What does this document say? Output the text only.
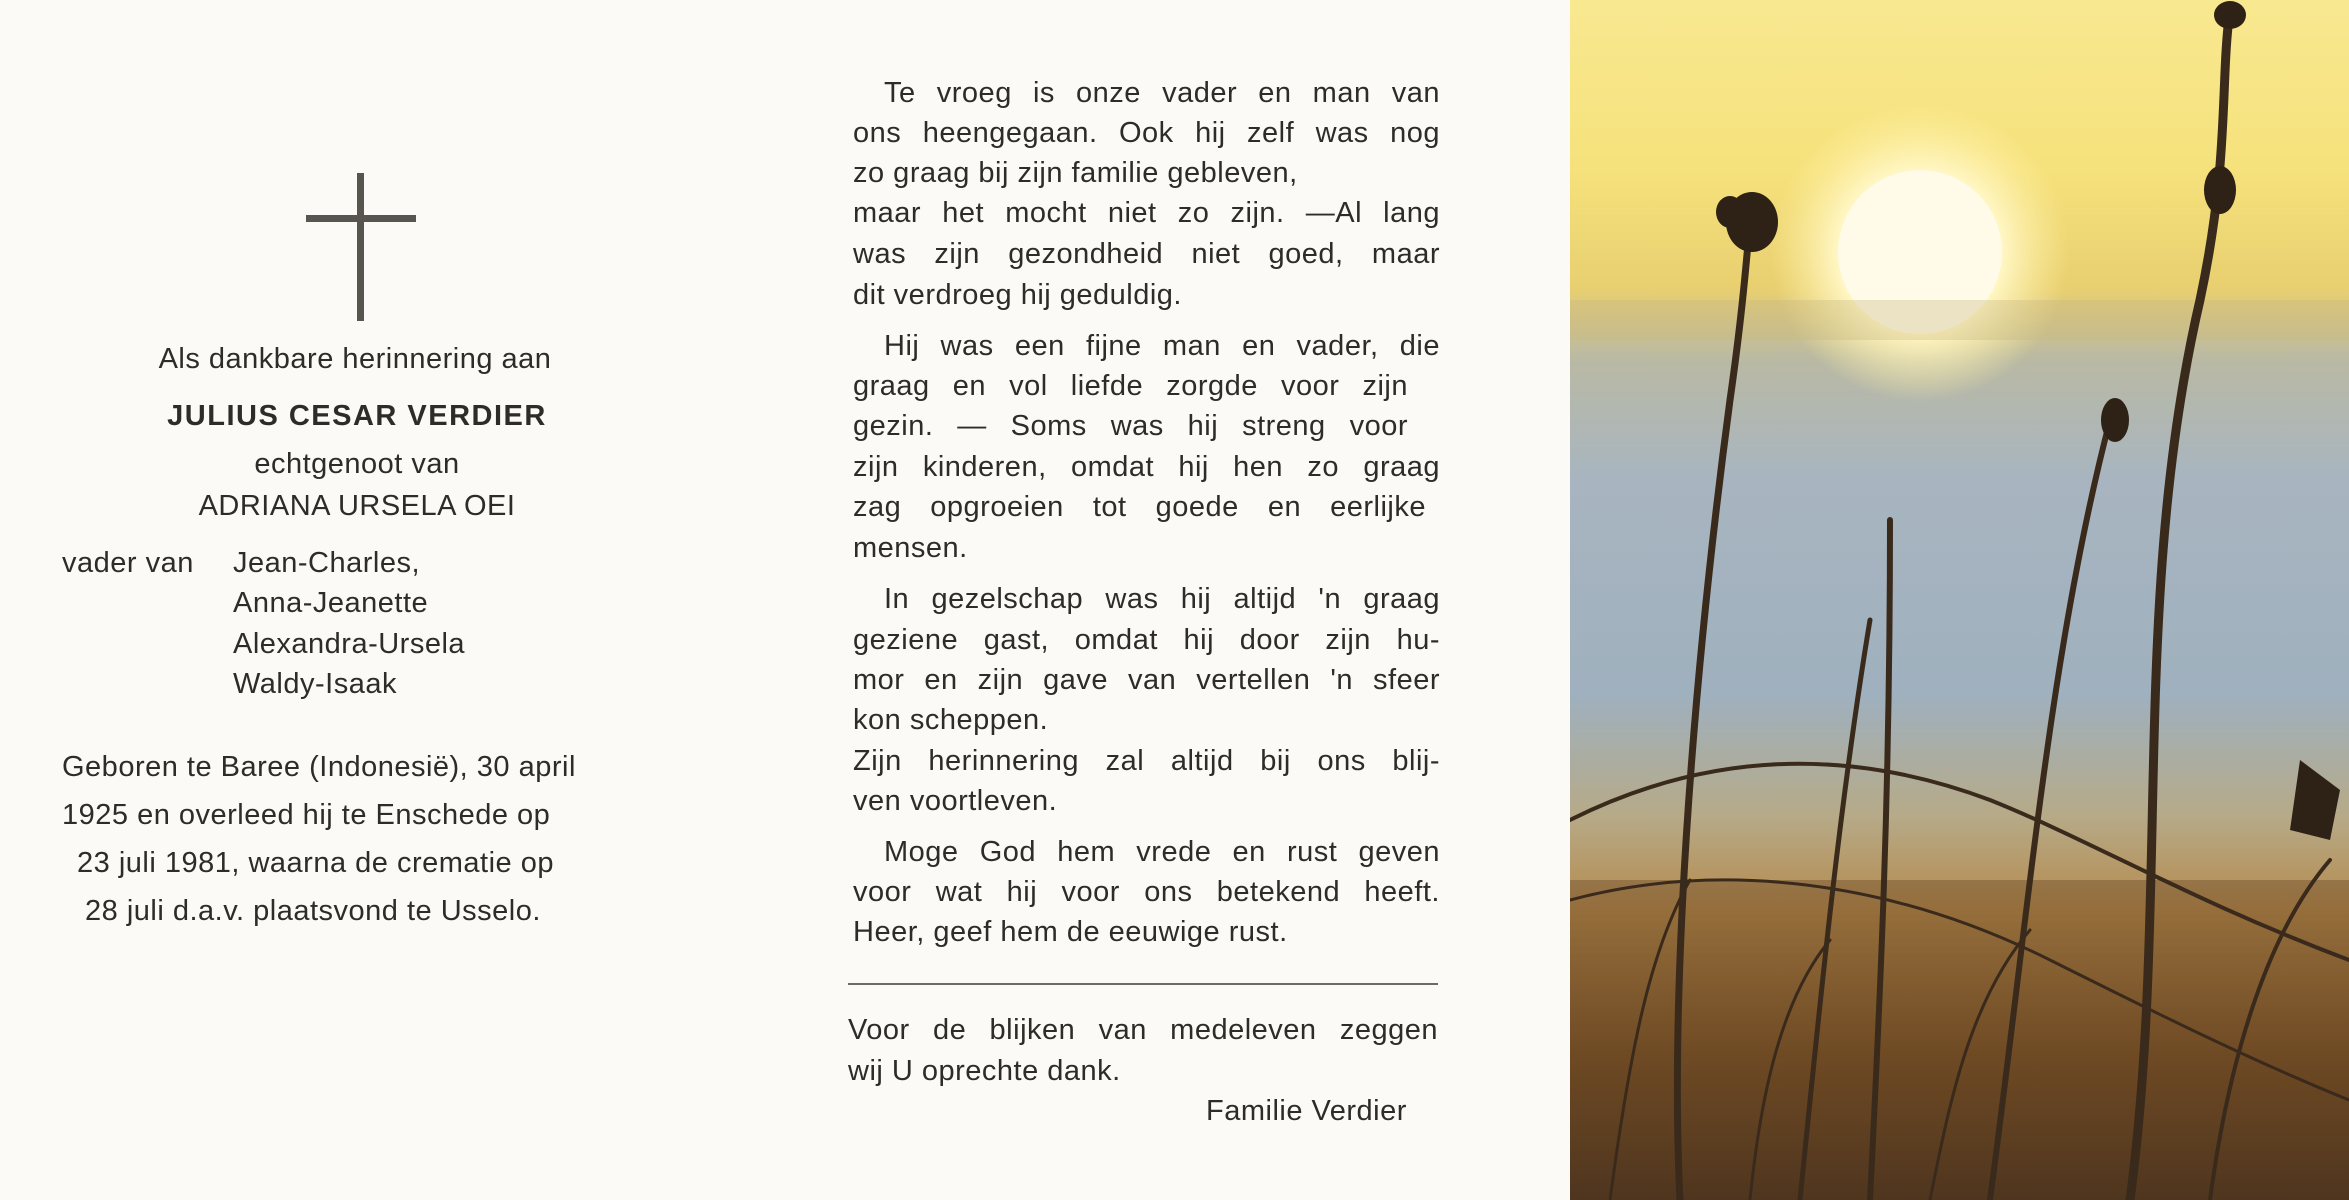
Als dankbare herinnering aan
JULIUS CESAR VERDIER
echtgenoot van
ADRIANA URSELA OEI
vader van Jean-Charles,
Anna-Jeanette
Alexandra-Ursela
Waldy-Isaak
Geboren te Baree (Indonesië), 30 april
1925 en overleed hij te Enschede op
23 juli 1981, waarna de crematie op
28 juli d.a.v. plaatsvond te Usselo.
Te vroeg is onze vader en man van
ons heengegaan. Ook hij zelf was nog
zo graag bij zijn familie gebleven,
maar het mocht niet zo zijn. —Al lang
was zijn gezondheid niet goed, maar
dit verdroeg hij geduldig.
Hij was een fijne man en vader, die
graag en vol liefde zorgde voor zijn
gezin. — Soms was hij streng voor
zijn kinderen, omdat hij hen zo graag
zag opgroeien tot goede en eerlijke
mensen.
In gezelschap was hij altijd 'n graag
geziene gast, omdat hij door zijn hu-
mor en zijn gave van vertellen 'n sfeer
kon scheppen.
Zijn herinnering zal altijd bij ons blij-
ven voortleven.
Moge God hem vrede en rust geven
voor wat hij voor ons betekend heeft.
Heer, geef hem de eeuwige rust.
Voor de blijken van medeleven zeggen
wij U oprechte dank.
Familie Verdier
